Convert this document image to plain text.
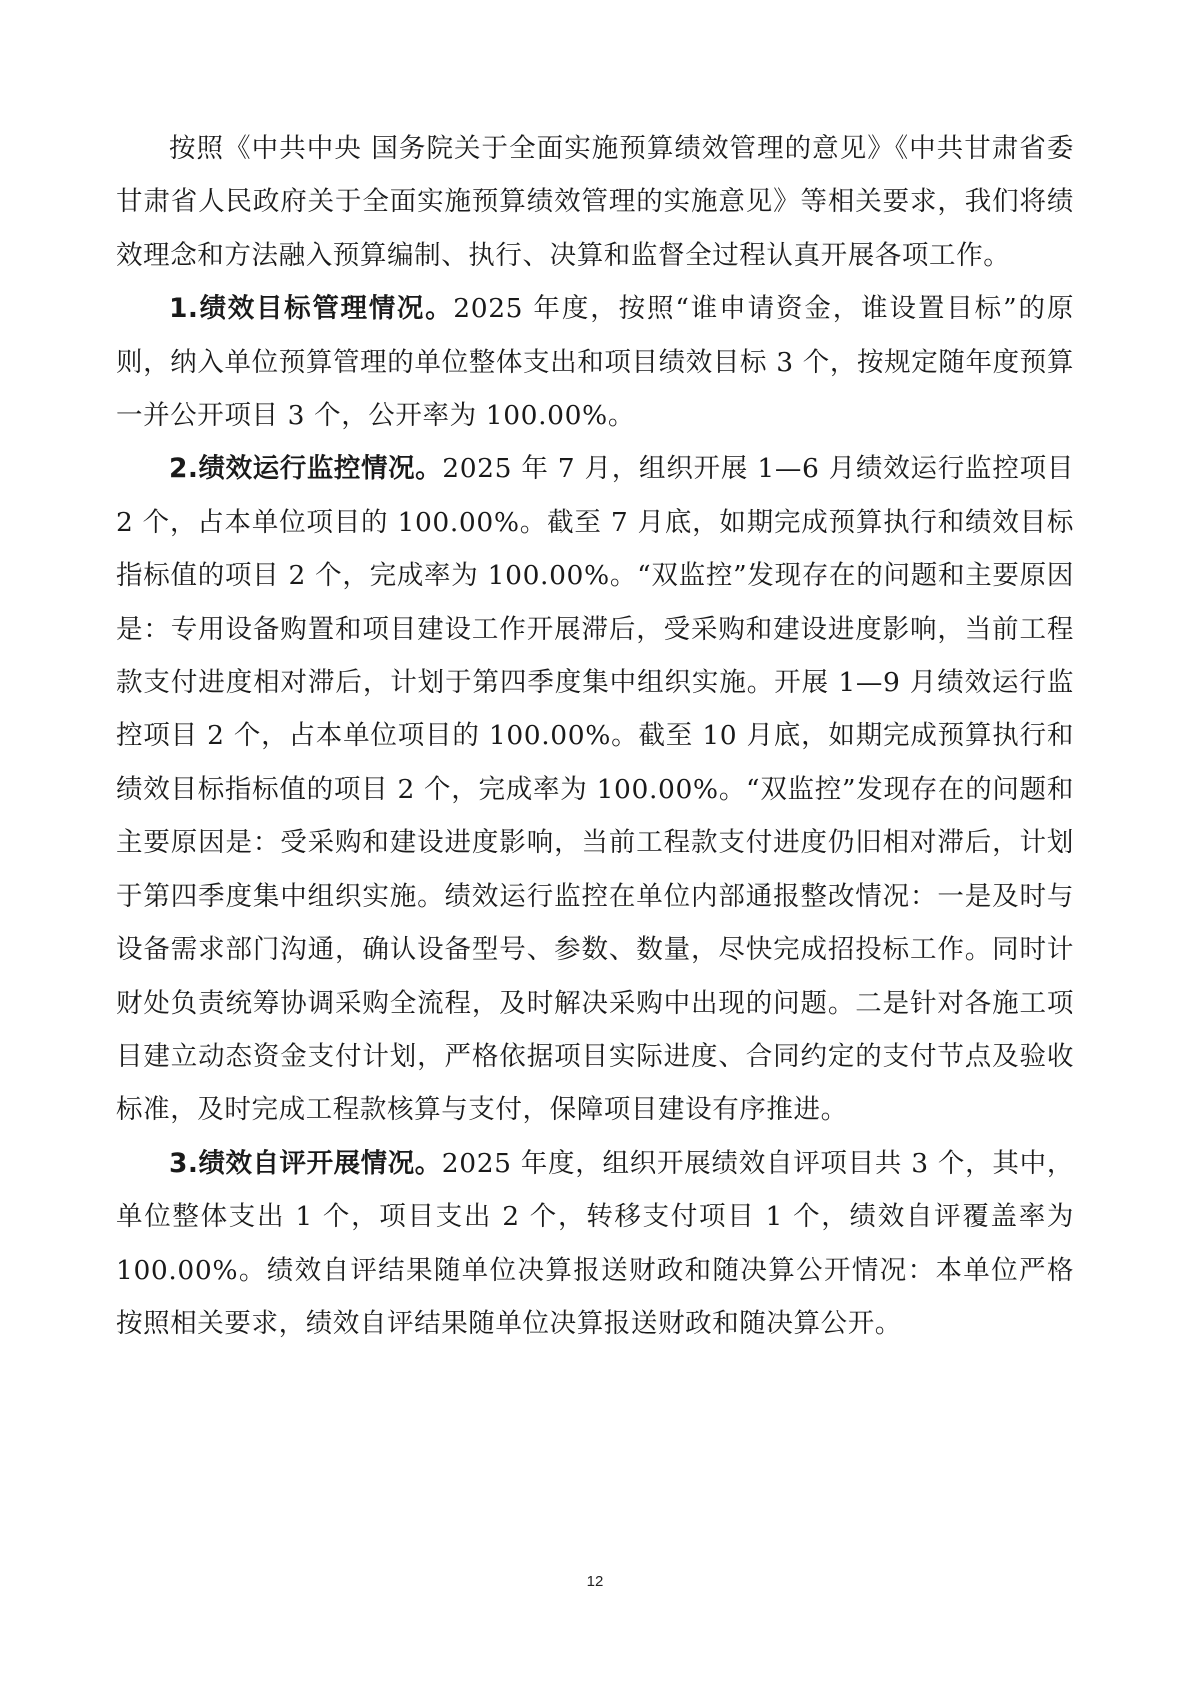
按照《中共中央 国务院关于全面实施预算绩效管理的意见》《中共甘肃省委 甘肃省人民政府关于全面实施预算绩效管理的实施意见》等相关要求，我们将绩效理念和方法融入预算编制、执行、决算和监督全过程认真开展各项工作。

1.绩效目标管理情况。2025 年度，按照“谁申请资金，谁设置目标”的原则，纳入单位预算管理的单位整体支出和项目绩效目标 3 个，按规定随年度预算一并公开项目 3 个，公开率为 100.00%。

2.绩效运行监控情况。2025 年 7 月，组织开展 1—6 月绩效运行监控项目 2 个，占本单位项目的 100.00%。截至 7 月底，如期完成预算执行和绩效目标指标值的项目 2 个，完成率为 100.00%。“双监控”发现存在的问题和主要原因是：专用设备购置和项目建设工作开展滞后，受采购和建设进度影响，当前工程款支付进度相对滞后，计划于第四季度集中组织实施。开展 1—9 月绩效运行监控项目 2 个，占本单位项目的 100.00%。截至 10 月底，如期完成预算执行和绩效目标指标值的项目 2 个，完成率为 100.00%。“双监控”发现存在的问题和主要原因是：受采购和建设进度影响，当前工程款支付进度仍旧相对滞后，计划于第四季度集中组织实施。绩效运行监控在单位内部通报整改情况：一是及时与设备需求部门沟通，确认设备型号、参数、数量，尽快完成招投标工作。同时计财处负责统筹协调采购全流程，及时解决采购中出现的问题。二是针对各施工项目建立动态资金支付计划，严格依据项目实际进度、合同约定的支付节点及验收标准，及时完成工程款核算与支付，保障项目建设有序推进。

3.绩效自评开展情况。2025 年度，组织开展绩效自评项目共 3 个，其中，单位整体支出 1 个，项目支出 2 个，转移支付项目 1 个，绩效自评覆盖率为 100.00%。绩效自评结果随单位决算报送财政和随决算公开情况：本单位严格按照相关要求，绩效自评结果随单位决算报送财政和随决算公开。

12
